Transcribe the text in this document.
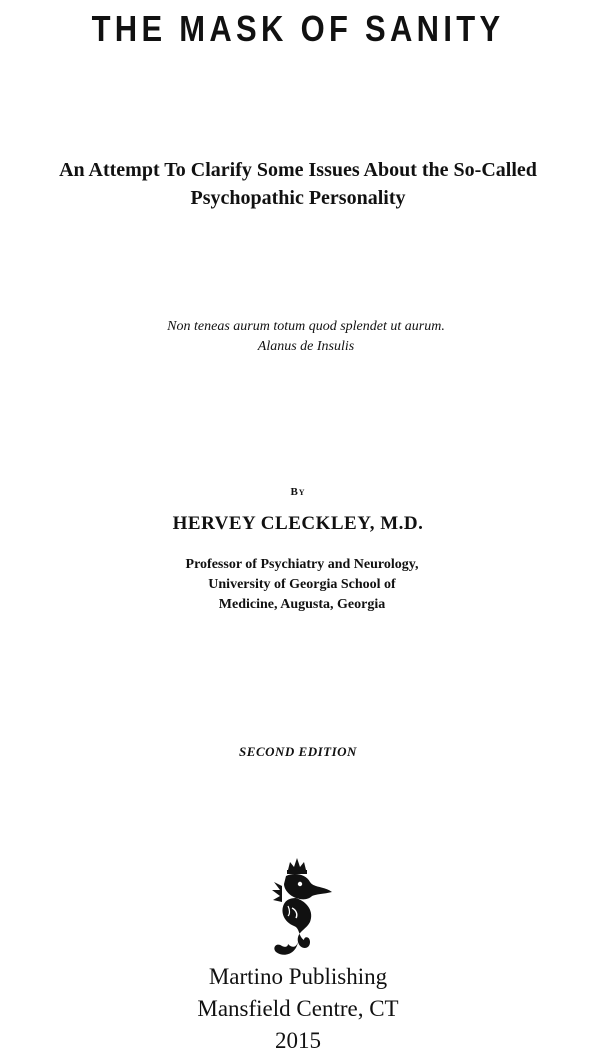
THE MASK OF SANITY
An Attempt To Clarify Some Issues About the So-Called
Psychopathic Personality
Non teneas aurum totum quod splendet ut aurum.
Alanus de Insulis
By
HERVEY CLECKLEY, M.D.
Professor of Psychiatry and Neurology,
University of Georgia School of
Medicine, Augusta, Georgia
SECOND EDITION
Martino Publishing
Mansfield Centre, CT
2015
